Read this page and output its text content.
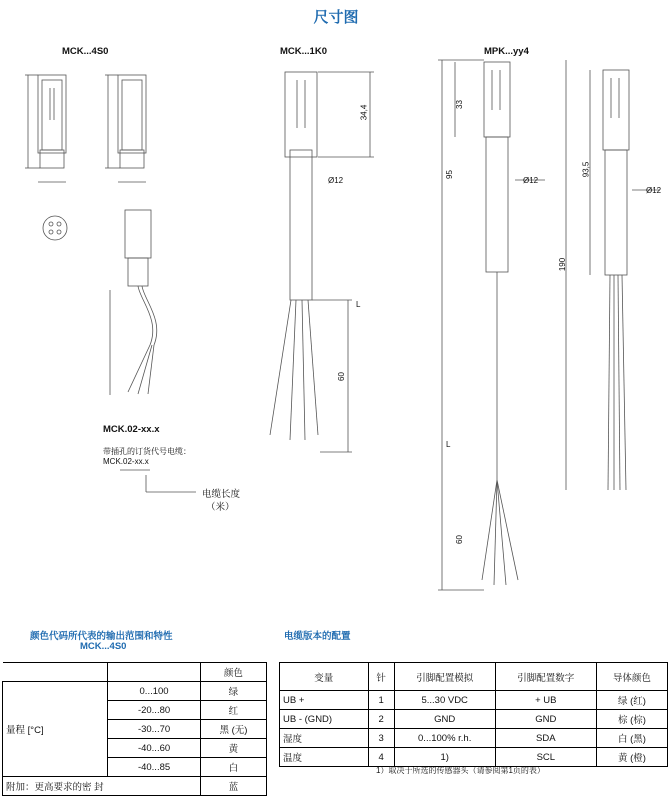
尺寸图
MCK...4S0	MCK...1K0	MPK...yy4
34,4
Ø12
60
L
33
95
Ø12
93,5
Ø12
190
L
60
MCK.02-xx.x
带插孔的订货代号电缆：
MCK.02-xx.x
电缆长度
（米）
颜色代码所代表的输出范围和特性
MCK...4S0
		颜色
量程 [°C]	0...100	绿
	-20...80	红
	-30...70	黑 (无)
	-40...60	黄
	-40...85	白
附加：更高要求的密 封		蓝
电缆版本的配置
变量	针	引脚配置模拟	引脚配置数字	导体颜色
UB +	1	5...30 VDC	+ UB	绿 (红)
UB - (GND)	2	GND	GND	棕 (棕)
湿度	3	0...100% r.h.	SDA	白 (黑)
温度	4	1)	SCL	黄 (橙)
1）取决于所选的传感器头（请参阅第1页的表）
